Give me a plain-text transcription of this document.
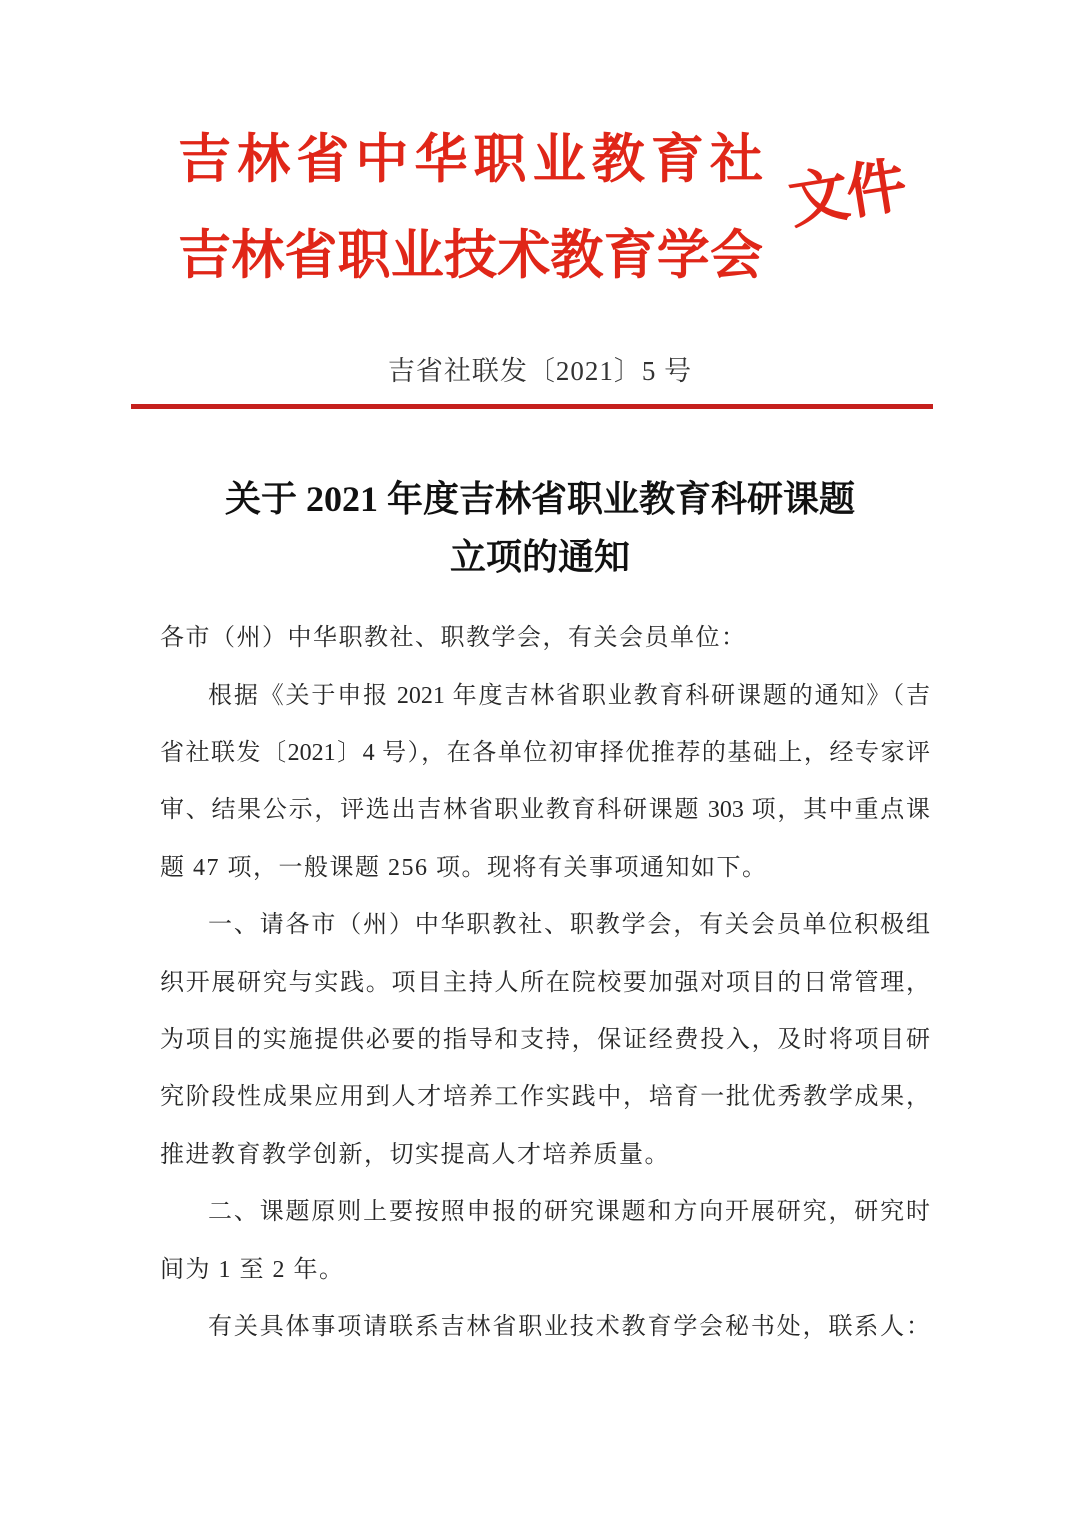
吉林省中华职业教育社
吉林省职业技术教育学会
文件
吉省社联发〔2021〕5 号
关于 2021 年度吉林省职业教育科研课题
立项的通知
各市（州）中华职教社、职教学会，有关会员单位：
根据《关于申报 2021 年度吉林省职业教育科研课题的通知》（吉
省社联发〔2021〕4 号），在各单位初审择优推荐的基础上，经专家评
审、结果公示，评选出吉林省职业教育科研课题 303 项，其中重点课
题 47 项，一般课题 256 项。现将有关事项通知如下。
一、请各市（州）中华职教社、职教学会，有关会员单位积极组
织开展研究与实践。项目主持人所在院校要加强对项目的日常管理，
为项目的实施提供必要的指导和支持，保证经费投入，及时将项目研
究阶段性成果应用到人才培养工作实践中，培育一批优秀教学成果，
推进教育教学创新，切实提高人才培养质量。
二、课题原则上要按照申报的研究课题和方向开展研究，研究时
间为 1 至 2 年。
有关具体事项请联系吉林省职业技术教育学会秘书处，联系人：
